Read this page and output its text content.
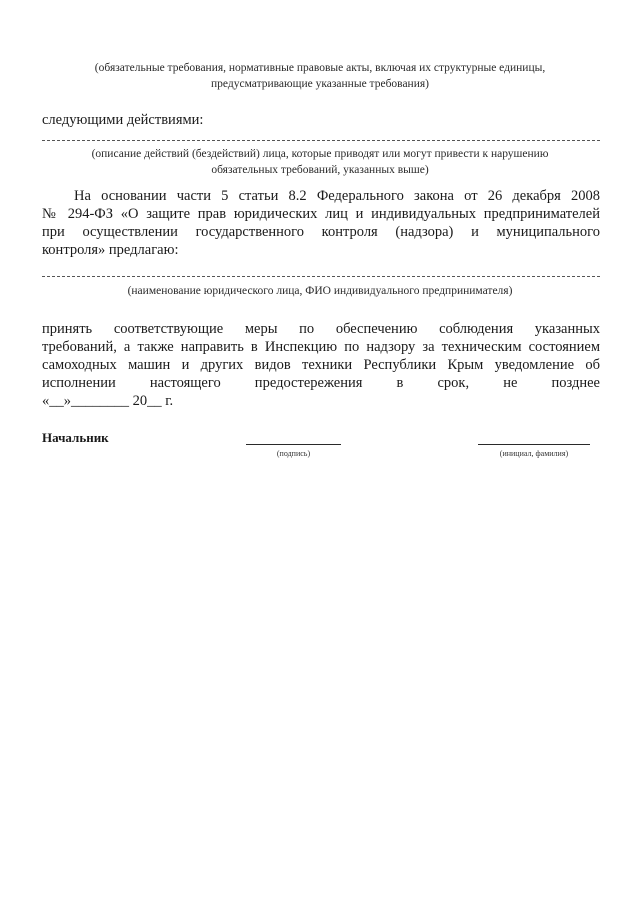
(обязательные требования, нормативные правовые акты, включая их структурные единицы,
предусматривающие указанные требования)
следующими действиями:
(описание действий (бездействий) лица, которые приводят или могут привести к нарушению
обязательных требований, указанных выше)
На основании части 5 статьи 8.2 Федерального закона от 26 декабря 2008
№ 294-ФЗ «О защите прав юридических лиц и индивидуальных предпринимателей
при осуществлении государственного контроля (надзора) и муниципального
контроля» предлагаю:
(наименование юридического лица, ФИО индивидуального предпринимателя)
принять соответствующие меры по обеспечению соблюдения указанных
требований, а также направить в Инспекцию по надзору за техническим состоянием
самоходных машин и других видов техники Республики Крым уведомление об
исполнении настоящего предостережения в срок, не позднее
«__»________ 20__ г.
Начальник
(подпись)	(инициал, фамилия)
